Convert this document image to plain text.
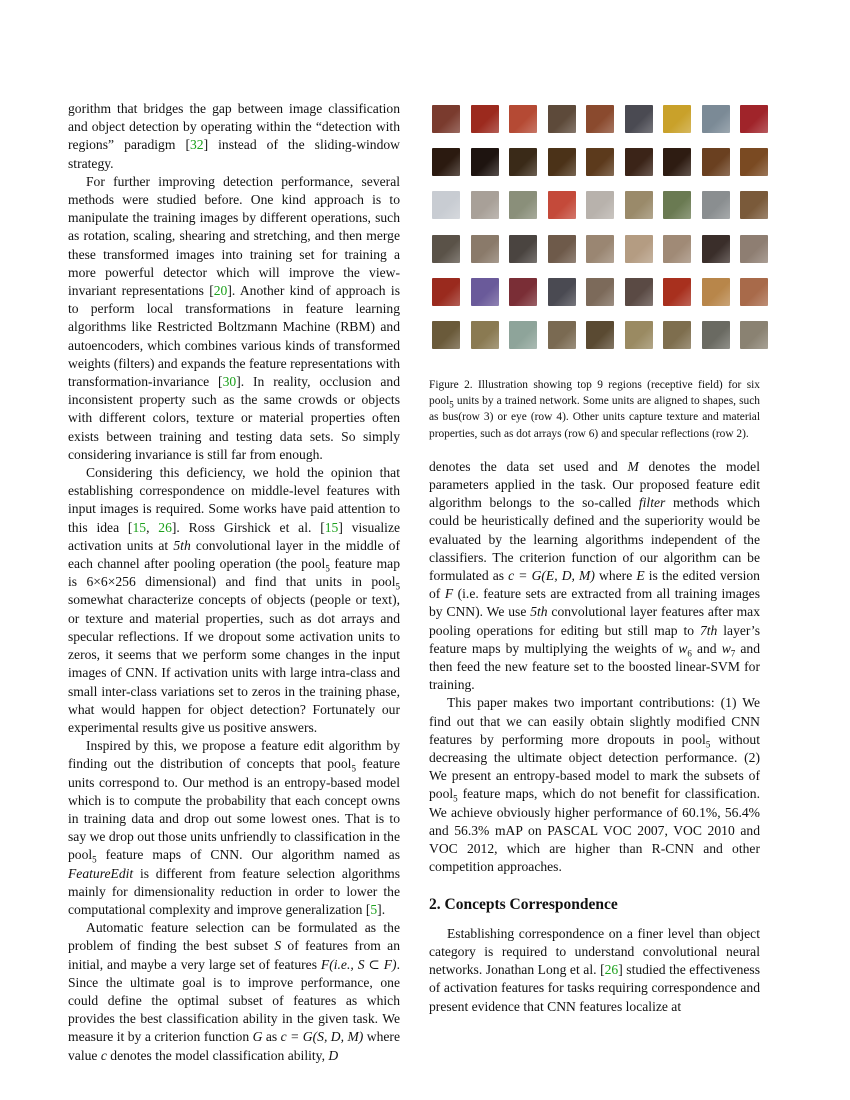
gorithm that bridges the gap between image classification and object detection by operating within the “detection with regions” paradigm [32] instead of the sliding-window strategy.

For further improving detection performance, several methods were studied before. One kind approach is to manipulate the training images by different operations, such as rotation, scaling, shearing and stretching, and then merge these transformed images into training set for training a more powerful detector which will improve the view-invariant representations [20]. Another kind of approach is to perform local transformations in feature learning algorithms like Restricted Boltzmann Machine (RBM) and autoencoders, which combines various kinds of transformed weights (filters) and expands the feature representations with transformation-invariance [30]. In reality, occlusion and inconsistent property such as the same crowds or objects with different colors, texture or material properties often exists between training and testing data sets. So simply considering invariance is still far from enough.

Considering this deficiency, we hold the opinion that establishing correspondence on middle-level features with input images is required. Some works have paid attention to this idea [15, 26]. Ross Girshick et al. [15] visualize activation units at 5th convolutional layer in the middle of each channel after pooling operation (the pool$_5$ feature map is 6×6×256 dimensional) and find that units in pool$_5$ somewhat characterize concepts of objects (people or text), or texture and material properties, such as dot arrays and specular reflections. If we dropout some activation units to zeros, it seems that we perform some changes in the input images of CNN. If activation units with large intra-class and small inter-class variations set to zeros in the training phase, what would happen for object detection? Fortunately our experimental results give us positive answers.

Inspired by this, we propose a feature edit algorithm by finding out the distribution of concepts that pool$_5$ feature units correspond to. Our method is an entropy-based model which is to compute the probability that each concept owns in training data and drop out some lowest ones. That is to say we drop out those units unfriendly to classification in the pool$_5$ feature maps of CNN. Our algorithm named as FeatureEdit is different from feature selection algorithms mainly for dimensionality reduction in order to lower the computational complexity and improve generalization [5].

Automatic feature selection can be formulated as the problem of finding the best subset S of features from an initial, and maybe a very large set of features F(i.e., S ⊂ F). Since the ultimate goal is to improve performance, one could define the optimal subset of features as which provides the best classification ability in the given task. We measure it by a criterion function G as c = G(S, D, M) where value c denotes the model classification ability, D

Figure 2. Illustration showing top 9 regions (receptive field) for six pool$_5$ units by a trained network. Some units are aligned to shapes, such as bus(row 3) or eye (row 4). Other units capture texture and material properties, such as dot arrays (row 6) and specular reflections (row 2).

denotes the data set used and M denotes the model parameters applied in the task. Our proposed feature edit algorithm belongs to the so-called filter methods which could be heuristically defined and the superiority would be evaluated by the learning algorithms independent of the classifiers. The criterion function of our algorithm can be formulated as c = G(E, D, M) where E is the edited version of F (i.e. feature sets are extracted from all training images by CNN). We use 5th convolutional layer features after max pooling operations for editing but still map to 7th layer’s feature maps by multiplying the weights of $w_6$ and $w_7$ and then feed the new feature set to the boosted linear-SVM for training.

This paper makes two important contributions: (1) We find out that we can easily obtain slightly modified CNN features by performing more dropouts in pool$_5$ without decreasing the ultimate object detection performance. (2) We present an entropy-based model to mark the subsets of pool$_5$ feature maps, which do not benefit for classification. We achieve obviously higher performance of 60.1%, 56.4% and 56.3% mAP on PASCAL VOC 2007, VOC 2010 and VOC 2012, which are higher than R-CNN and other competition approaches.

2. Concepts Correspondence

Establishing correspondence on a finer level than object category is required to understand convolutional neural networks. Jonathan Long et al. [26] studied the effectiveness of activation features for tasks requiring correspondence and present evidence that CNN features localize at
